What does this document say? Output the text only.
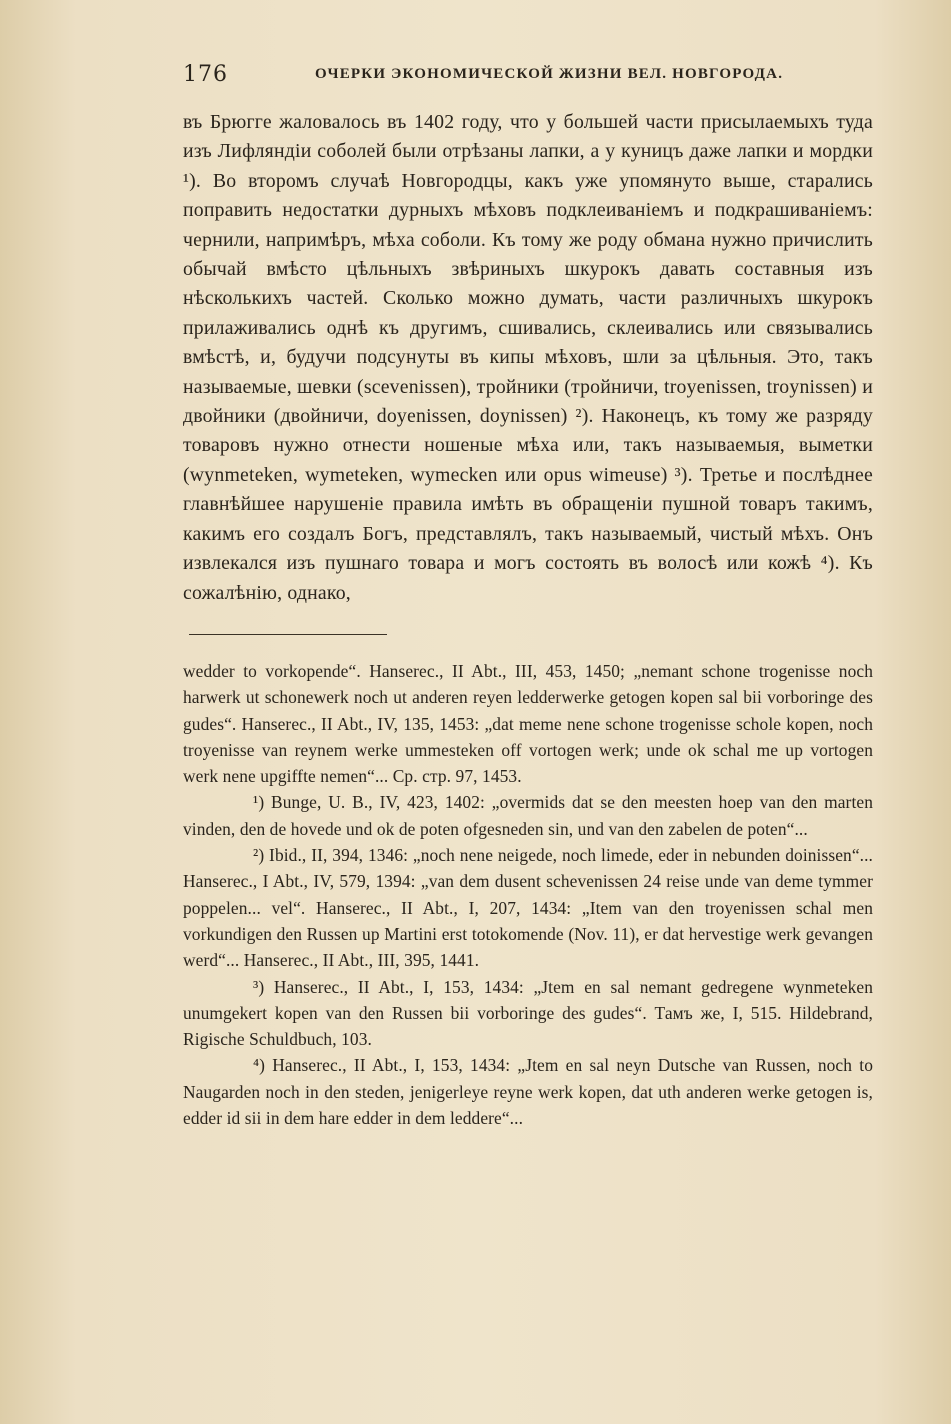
176	ОЧЕРКИ ЭКОНОМИЧЕСКОЙ ЖИЗНИ ВЕЛ. НОВГОРОДА.

въ Брюгге жаловалось въ 1402 году, что у большей части присылаемыхъ туда изъ Лифляндiи соболей были отрѣзаны лапки, а у куницъ даже лапки и мордки ¹). Во второмъ случаѣ Новгородцы, какъ уже упомянуто выше, старались поправить недостатки дурныхъ мѣховъ подклеиванiемъ и подкрашиванiемъ: чернили, напримѣръ, мѣха соболи. Къ тому же роду обмана нужно причислить обычай вмѣсто цѣльныхъ звѣриныхъ шкурокъ давать составныя изъ нѣсколькихъ частей. Сколько можно думать, части различныхъ шкурокъ прилаживались однѣ къ другимъ, сшивались, склеивались или связывались вмѣстѣ, и, будучи подсунуты въ кипы мѣховъ, шли за цѣльныя. Это, такъ называемые, шевки (scevenissen), тройники (тройничи, troyenissen, troynissen) и двойники (двойничи, doyenissen, doynissen) ²). Наконецъ, къ тому же разряду товаровъ нужно отнести ношеные мѣха или, такъ называемыя, выметки (wynmeteken, wymeteken, wymecken или opus wimeuse) ³). Третье и послѣднее главнѣйшее нарушенiе правила имѣть въ обращенiи пушной товаръ такимъ, какимъ его создалъ Богъ, представлялъ, такъ называемый, чистый мѣхъ. Онъ извлекался изъ пушнаго товара и могъ состоять въ волосѣ или кожѣ ⁴). Къ сожалѣнiю, однако,

wedder to vorkopende“. Hanserec., II Abt., III, 453, 1450; „nemant schone trogenisse noch harwerk ut schonewerk noch ut anderen reyen ledderwerke getogen kopen sal bii vorboringe des gudes“. Hanserec., II Abt., IV, 135, 1453: „dat meme nene schone trogenisse schole kopen, noch troyenisse van reynem werke ummesteken off vortogen werk; unde ok schal me up vortogen werk nene upgiffte nemen“... Ср. стр. 97, 1453.

¹) Bunge, U. B., IV, 423, 1402: „overmids dat se den meesten hoep van den marten vinden, den de hovede und ok de poten ofgesneden sin, und van den zabelen de poten“...

²) Ibid., II, 394, 1346: „noch nene neigede, noch limede, eder in nebunden doinissen“... Hanserec., I Abt., IV, 579, 1394: „van dem dusent schevenissen 24 reise unde van deme tymmer poppelen... vel“. Hanserec., II Abt., I, 207, 1434: „Item van den troyenissen schal men vorkundigen den Russen up Martini erst totokomende (Nov. 11), er dat hervestige werk gevangen werd“... Hanserec., II Abt., III, 395, 1441.

³) Hanserec., II Abt., I, 153, 1434: „Jtem en sal nemant gedregene wynmeteken unumgekert kopen van den Russen bii vorboringe des gudes“. Тамъ же, I, 515. Hildebrand, Rigische Schuldbuch, 103.

⁴) Hanserec., II Abt., I, 153, 1434: „Jtem en sal neyn Dutsche van Russen, noch to Naugarden noch in den steden, jenigerleye reyne werk kopen, dat uth anderen werke getogen is, edder id sii in dem hare edder in dem leddere“...
